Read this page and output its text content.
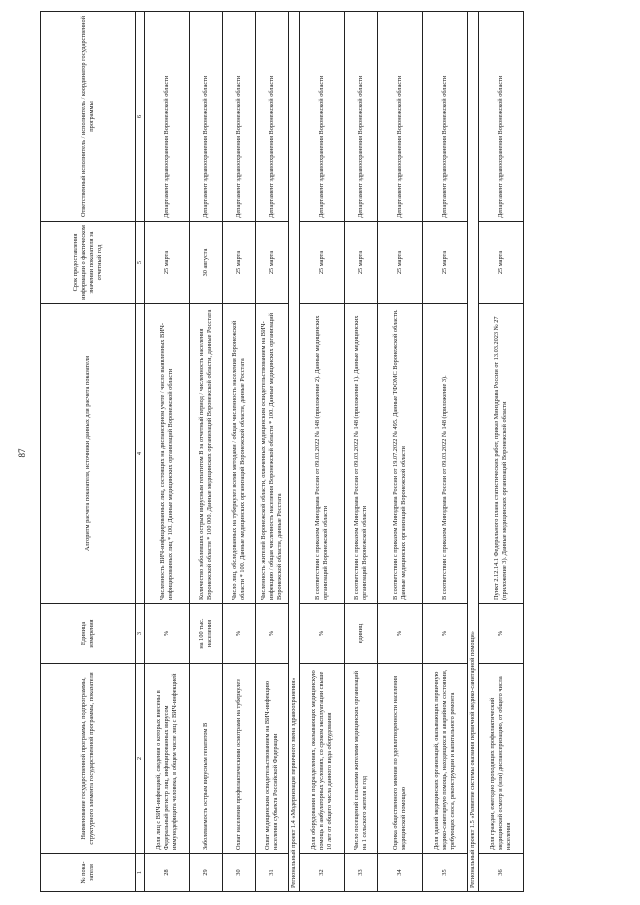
87
№ пока-зателя	Наименование государственной программы, подпрограммы, структурного элемента государственной программы, показателя	Единица измерения	Алгоритм расчета показателя, источники данных для расчета показателя	Срок предоставления информации о фактическом значении показателя за отчетный год	Ответственный исполнитель / исполнитель / координатор государственной программы
1	2	3	4	5	6
28	Доля лиц с ВИЧ-инфекцией, сведения о которых внесены в Федеральный регистр лиц, инфицированных вирусом иммунодефицита человека, в общем числе лиц с ВИЧ-инфекцией	%	Численность ВИЧ-инфицированных лиц, состоящих на диспансерном учете / число выявленных ВИЧ-инфицированных лиц * 100. Данные медицинских организаций Воронежской области	25 марта	Департамент здравоохранения Воронежской области
29	Заболеваемость острым вирусным гепатитом В	на 100 тыс. населения	Количество заболевших острым вирусным гепатитом В за отчетный период / численность населения Воронежской области * 100 000. Данные медицинских организаций Воронежской области, данные Росстата	30 августа	Департамент здравоохранения Воронежской области
30	Охват населения профилактическими осмотрами на туберкулез	%	Число лиц, обследованных на туберкулез всеми методами / общая численность населения Воронежской области * 100. Данные медицинских организаций Воронежской области, данные Росстата	25 марта	Департамент здравоохранения Воронежской области
31	Охват медицинским освидетельствованием на ВИЧ-инфекцию населения субъекта Российской Федерации	%	Численность жителей Воронежской области, охваченных медицинским освидетельствованием на ВИЧ-инфекцию / общая численность населения Воронежской области * 100. Данные медицинских организаций Воронежской области, данные Росстата	25 марта	Департамент здравоохранения Воронежской области
Региональный проект 1.4 «Модернизация первичного звена здравоохранения»					
32	Доля оборудования в подразделениях, оказывающих медицинскую помощь в амбулаторных условиях, со сроком эксплуатации свыше 10 лет от общего числа данного вида оборудования	%	В соответствии с приказом Минздрава России от 09.03.2022 № 148 (приложение 2). Данные медицинских организаций Воронежской области	25 марта	Департамент здравоохранения Воронежской области
33	Число посещений сельскими жителями медицинских организаций на 1 сельского жителя в год	единиц	В соответствии с приказом Минздрава России от 09.03.2022 № 148 (приложение 1). Данные медицинских организаций Воронежской области	25 марта	Департамент здравоохранения Воронежской области
34	Оценка общественного мнения по удовлетворенности населения медицинской помощью	%	В соответствии с приказом Минздрава России от 19.07.2022 № 495. Данные ТФОМС Воронежской области. Данные медицинских организаций Воронежской области	25 марта	Департамент здравоохранения Воронежской области
35	Доля зданий медицинских организаций, оказывающих первичную медико-санитарную помощь, находящихся в аварийном состоянии, требующих сноса, реконструкции и капитального ремонта	%	В соответствии с приказом Минздрава России от 09.03.2022 № 148 (приложение 3).	25 марта	Департамент здравоохранения Воронежской области
Региональный проект 1.5 «Развитие системы оказания первичной медико-санитарной помощи»					
36	Доля граждан, ежегодно проходящих профилактический медицинский осмотр и (или) диспансеризацию, от общего числа населения	%	Пункт 2.12.14.1 Федерального плана статистических работ, приказ Минздрава России от 13.03.2023 № 27 (приложение 3). Данные медицинских организаций Воронежской области	25 марта	Департамент здравоохранения Воронежской области
